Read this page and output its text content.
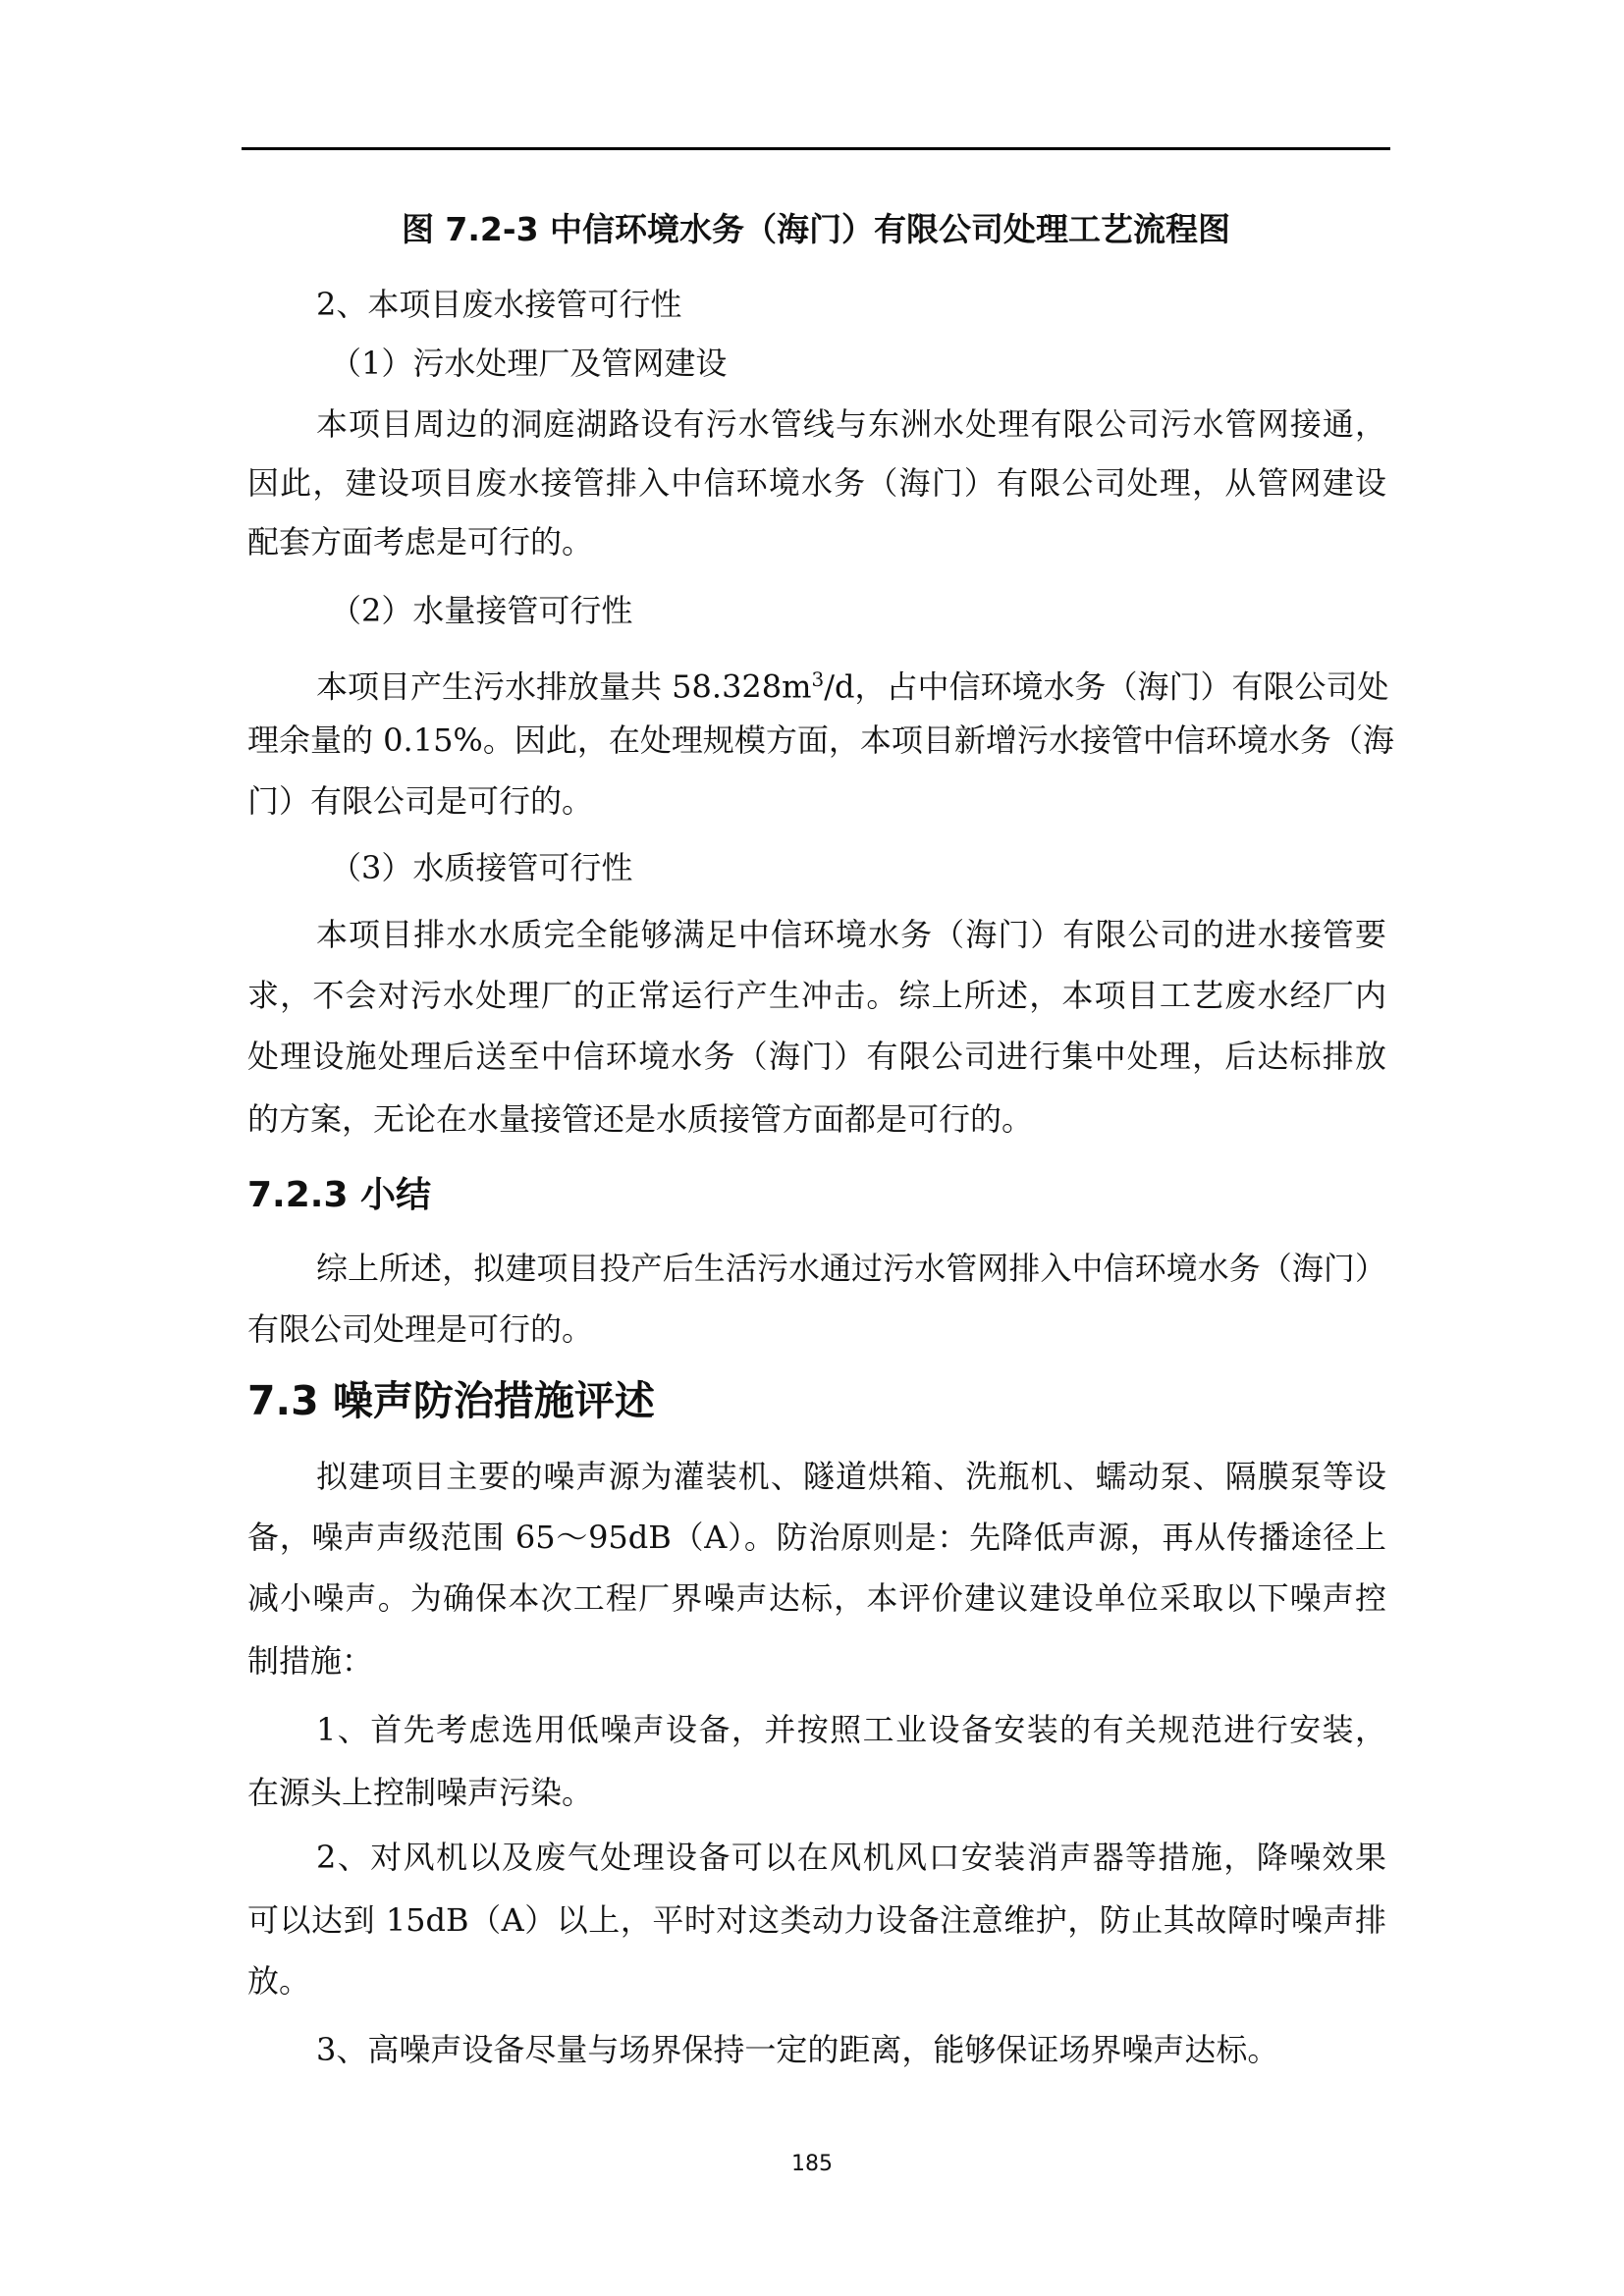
图 7.2-3 中信环境水务（海门）有限公司处理工艺流程图
2、本项目废水接管可行性
（1）污水处理厂及管网建设
本项目周边的洞庭湖路设有污水管线与东洲水处理有限公司污水管网接通，
因此，建设项目废水接管排入中信环境水务（海门）有限公司处理，从管网建设
配套方面考虑是可行的。
（2）水量接管可行性
本项目产生污水排放量共 $58.328m^3/d$，占中信环境水务（海门）有限公司处
理余量的 0.15%。因此，在处理规模方面，本项目新增污水接管中信环境水务（海
门）有限公司是可行的。
（3）水质接管可行性
本项目排水水质完全能够满足中信环境水务（海门）有限公司的进水接管要
求，不会对污水处理厂的正常运行产生冲击。综上所述，本项目工艺废水经厂内
处理设施处理后送至中信环境水务（海门）有限公司进行集中处理，后达标排放
的方案，无论在水量接管还是水质接管方面都是可行的。
7.2.3 小结
综上所述，拟建项目投产后生活污水通过污水管网排入中信环境水务（海门）
有限公司处理是可行的。
7.3 噪声防治措施评述
拟建项目主要的噪声源为灌装机、隧道烘箱、洗瓶机、蠕动泵、隔膜泵等设
备，噪声声级范围 65～95dB（A）。防治原则是：先降低声源，再从传播途径上
减小噪声。为确保本次工程厂界噪声达标，本评价建议建设单位采取以下噪声控
制措施：
1、首先考虑选用低噪声设备，并按照工业设备安装的有关规范进行安装，
在源头上控制噪声污染。
2、对风机以及废气处理设备可以在风机风口安装消声器等措施，降噪效果
可以达到 15dB（A）以上，平时对这类动力设备注意维护，防止其故障时噪声排
放。
3、高噪声设备尽量与场界保持一定的距离，能够保证场界噪声达标。
185
